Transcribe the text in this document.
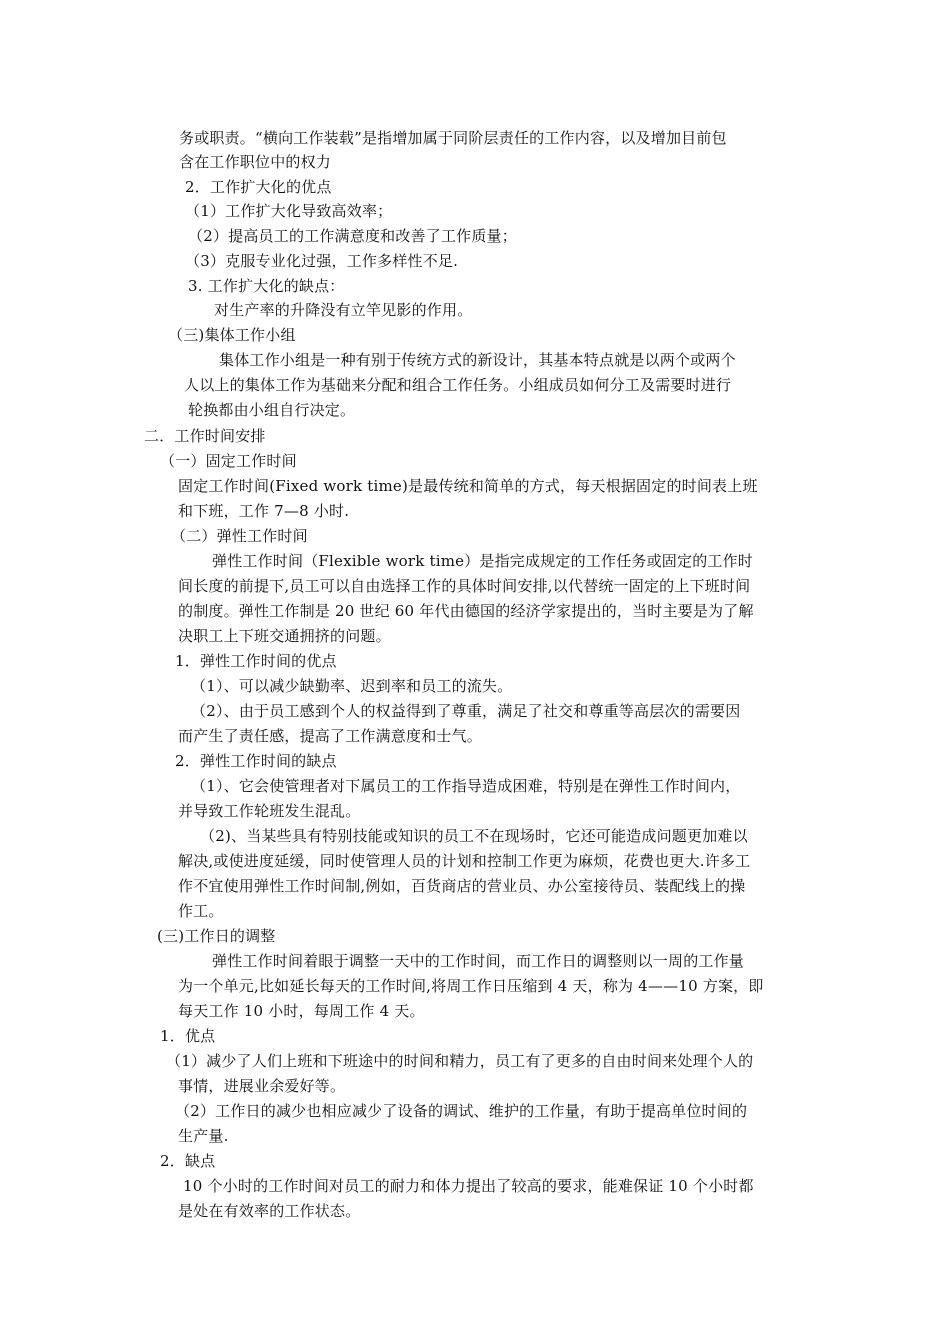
务或职责。“横向工作装载”是指增加属于同阶层责任的工作内容，以及增加目前包
含在工作职位中的权力
2．工作扩大化的优点
（1）工作扩大化导致高效率；
（2）提高员工的工作满意度和改善了工作质量；
（3）克服专业化过强，工作多样性不足.
3. 工作扩大化的缺点：
对生产率的升降没有立竿见影的作用。
（三)集体工作小组
集体工作小组是一种有别于传统方式的新设计，其基本特点就是以两个或两个
人以上的集体工作为基础来分配和组合工作任务。小组成员如何分工及需要时进行
轮换都由小组自行决定。
二．工作时间安排
（一）固定工作时间
固定工作时间(Fixed work time)是最传统和简单的方式，每天根据固定的时间表上班
和下班，工作 7—8 小时.
（二）弹性工作时间
弹性工作时间（Flexible work time）是指完成规定的工作任务或固定的工作时
间长度的前提下,员工可以自由选择工作的具体时间安排,以代替统一固定的上下班时间
的制度。弹性工作制是 20 世纪 60 年代由德国的经济学家提出的，当时主要是为了解
决职工上下班交通拥挤的问题。
1．弹性工作时间的优点
（1）、可以减少缺勤率、迟到率和员工的流失。
（2）、由于员工感到个人的权益得到了尊重，满足了社交和尊重等高层次的需要因
而产生了责任感，提高了工作满意度和士气。
2．弹性工作时间的缺点
（1）、它会使管理者对下属员工的工作指导造成困难，特别是在弹性工作时间内，
并导致工作轮班发生混乱。
（2)、当某些具有特别技能或知识的员工不在现场时，它还可能造成问题更加难以
解决,或使进度延缓，同时使管理人员的计划和控制工作更为麻烦，花费也更大.许多工
作不宜使用弹性工作时间制,例如，百货商店的营业员、办公室接待员、装配线上的操
作工。
(三)工作日的调整
弹性工作时间着眼于调整一天中的工作时间，而工作日的调整则以一周的工作量
为一个单元,比如延长每天的工作时间,将周工作日压缩到 4 天，称为 4——10 方案，即
每天工作 10 小时，每周工作 4 天。
1．优点
（1）减少了人们上班和下班途中的时间和精力，员工有了更多的自由时间来处理个人的
事情，进展业余爱好等。
（2）工作日的减少也相应减少了设备的调试、维护的工作量，有助于提高单位时间的
生产量.
2．缺点
10 个小时的工作时间对员工的耐力和体力提出了较高的要求，能难保证 10 个小时都
是处在有效率的工作状态。
